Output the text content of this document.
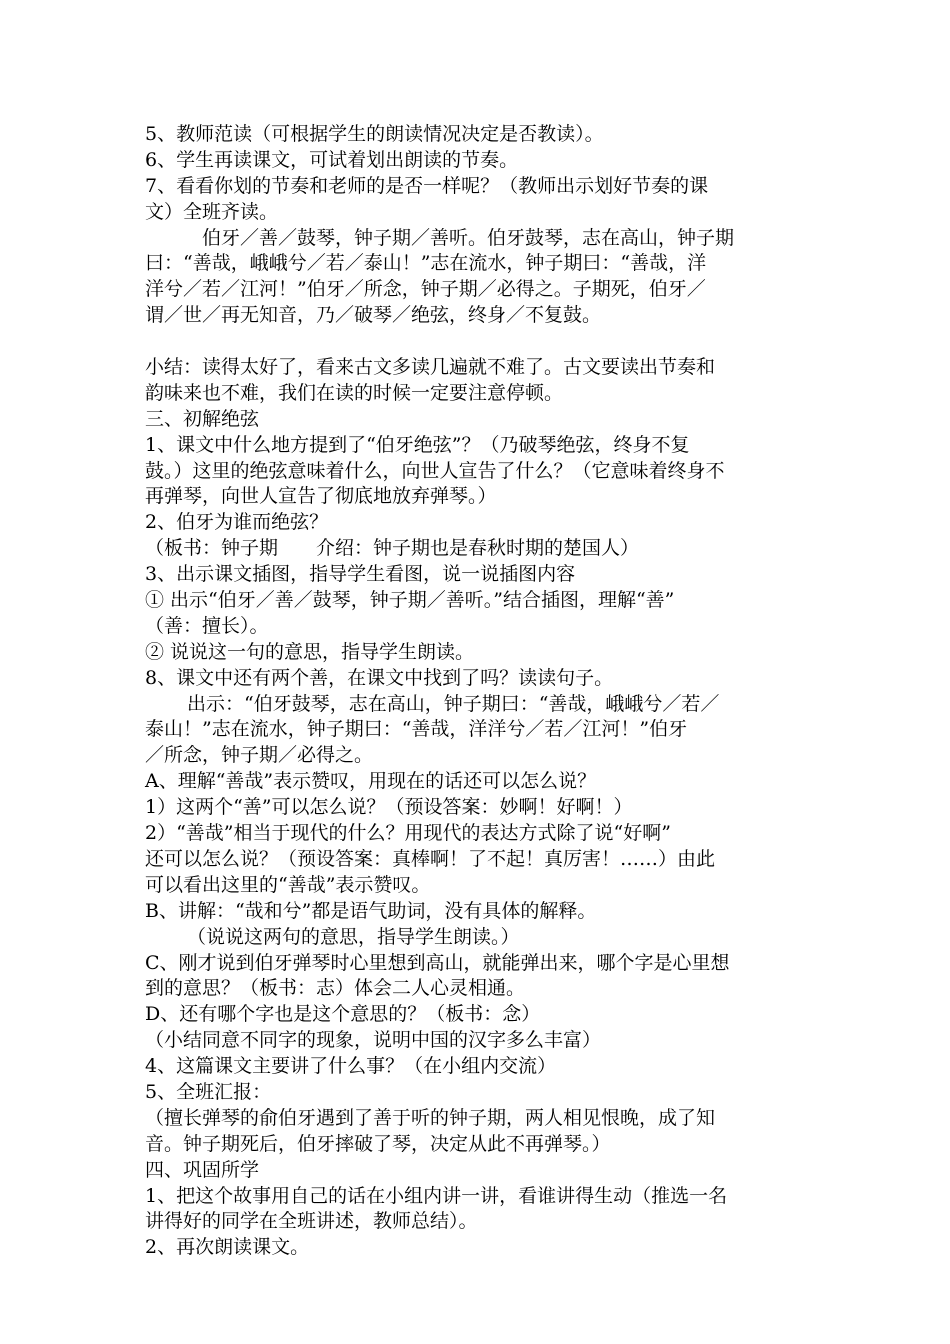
5、教师范读（可根据学生的朗读情况决定是否教读）。
6、学生再读课文，可试着划出朗读的节奏。
7、看看你划的节奏和老师的是否一样呢？（教师出示划好节奏的课
文）全班齐读。
伯牙／善／鼓琴，钟子期／善听。伯牙鼓琴，志在高山，钟子期
曰：“善哉，峨峨兮／若／泰山！”志在流水，钟子期曰：“善哉，洋
洋兮／若／江河！”伯牙／所念，钟子期／必得之。子期死，伯牙／
谓／世／再无知音，乃／破琴／绝弦，终身／不复鼓。
小结：读得太好了，看来古文多读几遍就不难了。古文要读出节奏和
韵味来也不难，我们在读的时候一定要注意停顿。
三、初解绝弦
1、课文中什么地方提到了“伯牙绝弦”？（乃破琴绝弦，终身不复
鼓。）这里的绝弦意味着什么，向世人宣告了什么？（它意味着终身不
再弹琴，向世人宣告了彻底地放弃弹琴。）
2、伯牙为谁而绝弦？
（板书：钟子期　　介绍：钟子期也是春秋时期的楚国人）
3、出示课文插图，指导学生看图，说一说插图内容
① 出示“伯牙／善／鼓琴，钟子期／善听。”结合插图，理解“善”
（善：擅长）。
② 说说这一句的意思，指导学生朗读。
8、课文中还有两个善，在课文中找到了吗？读读句子。
出示：“伯牙鼓琴，志在高山，钟子期曰：“善哉，峨峨兮／若／
泰山！”志在流水，钟子期曰：“善哉，洋洋兮／若／江河！”伯牙
／所念，钟子期／必得之。
A、理解“善哉”表示赞叹，用现在的话还可以怎么说？
1）这两个“善”可以怎么说？（预设答案：妙啊！好啊！）
2）“善哉”相当于现代的什么？用现代的表达方式除了说“好啊”
还可以怎么说？（预设答案：真棒啊！了不起！真厉害！……）由此
可以看出这里的“善哉”表示赞叹。
B、讲解：“哉和兮”都是语气助词，没有具体的解释。
（说说这两句的意思，指导学生朗读。）
C、刚才说到伯牙弹琴时心里想到高山，就能弹出来，哪个字是心里想
到的意思？（板书：志）体会二人心灵相通。
D、还有哪个字也是这个意思的？（板书：念）
（小结同意不同字的现象，说明中国的汉字多么丰富）
4、这篇课文主要讲了什么事？（在小组内交流）
5、全班汇报：
（擅长弹琴的俞伯牙遇到了善于听的钟子期，两人相见恨晚，成了知
音。钟子期死后，伯牙摔破了琴，决定从此不再弹琴。）
四、巩固所学
1、把这个故事用自己的话在小组内讲一讲，看谁讲得生动（推选一名
讲得好的同学在全班讲述，教师总结）。
2、再次朗读课文。
